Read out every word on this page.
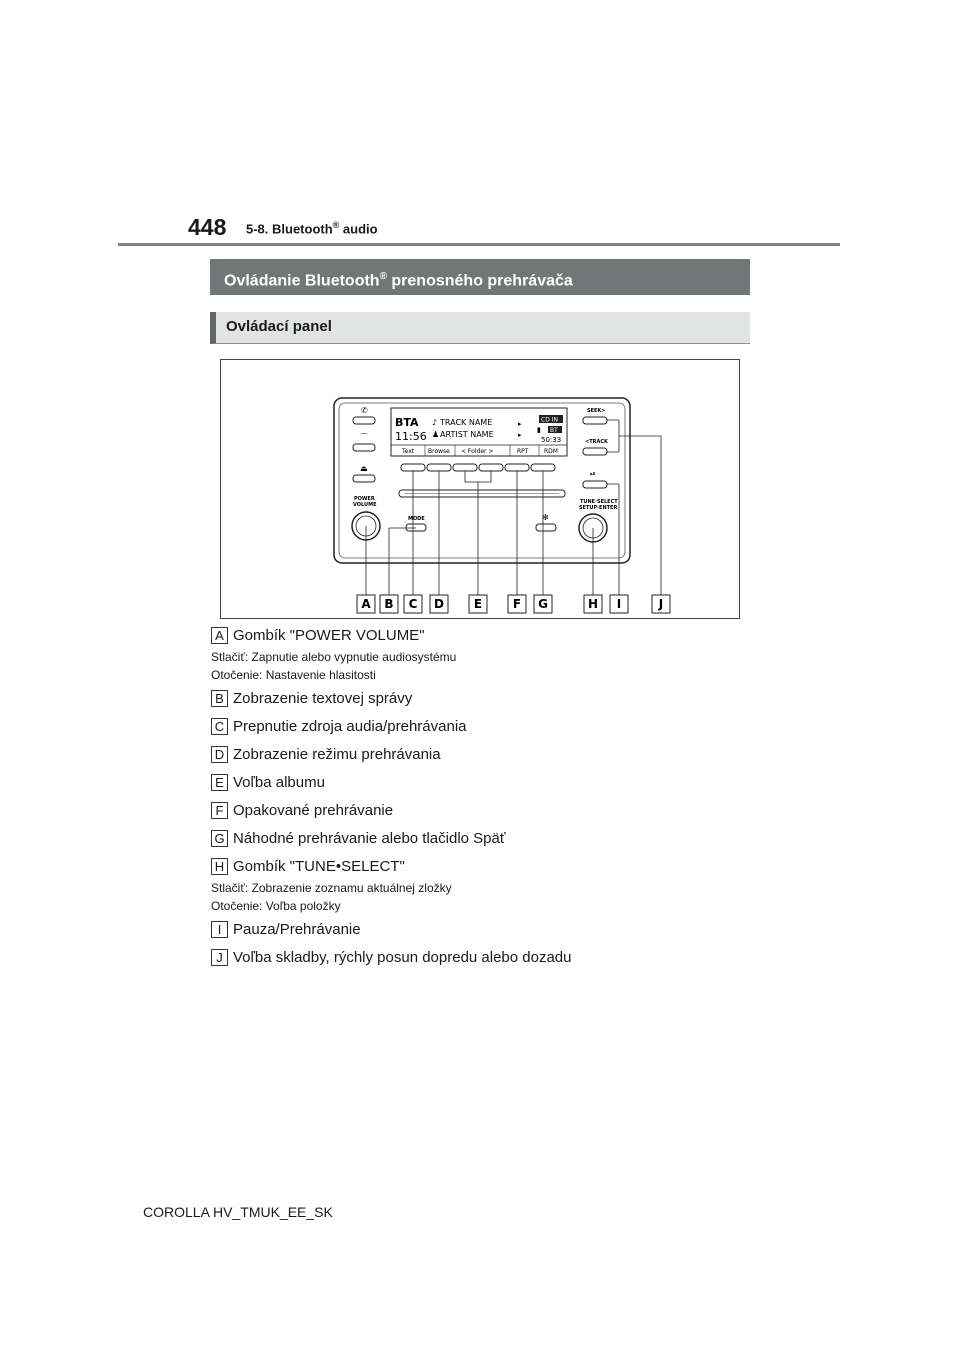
448 5-8. Bluetooth® audio
Ovládanie Bluetooth® prenosného prehrávača
Ovládací panel
✆
⌒
⏏
BTA
11:56
♪ TRACK NAME
♟ ARTIST NAME
▸
▸
CD IN
▮ BT
50:33
Text Browse < Folder >	RPT	RDM
POWER
VOLUME
MODE	✻
SEEK>
<TRACK
⏯
TUNE·SELECT
SETUP·ENTER
A B C D E	F G	H I	J
A Gombík "POWER VOLUME"
Stlačiť: Zapnutie alebo vypnutie audiosystému
Otočenie: Nastavenie hlasitosti
B Zobrazenie textovej správy
C Prepnutie zdroja audia/prehrávania
D Zobrazenie režimu prehrávania
E Voľba albumu
F Opakované prehrávanie
G Náhodné prehrávanie alebo tlačidlo Späť
H Gombík "TUNE•SELECT"
Stlačiť: Zobrazenie zoznamu aktuálnej zložky
Otočenie: Voľba položky
I Pauza/Prehrávanie
J Voľba skladby, rýchly posun dopredu alebo dozadu
COROLLA HV_TMUK_EE_SK
